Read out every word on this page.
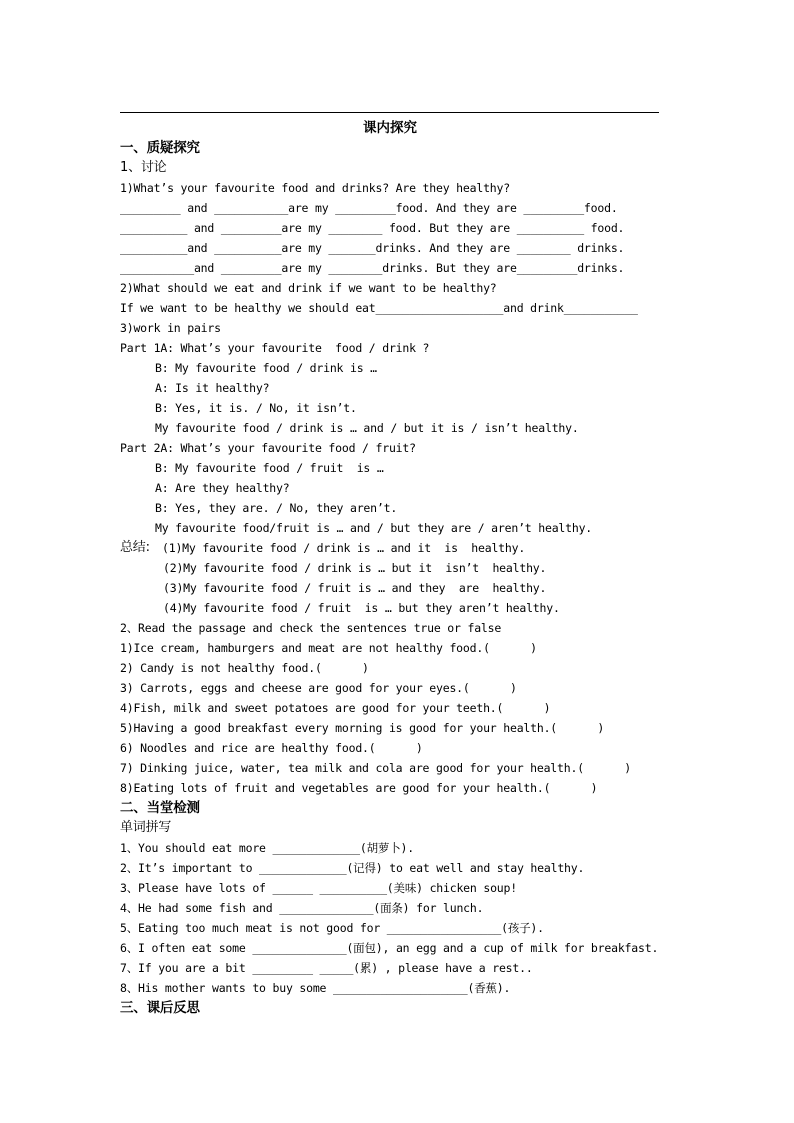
课内探究
一、质疑探究
1、讨论
1)What’s your favourite food and drinks? Are they healthy?
_________ and ___________are my _________food. And they are _________food.
__________ and _________are my ________ food. But they are __________ food.
__________and __________are my _______drinks. And they are ________ drinks.
___________and _________are my ________drinks. But they are_________drinks.
2)What should we eat and drink if we want to be healthy?
If we want to be healthy we should eat___________________and drink___________
3)work in pairs
Part 1A: What’s your favourite  food / drink ?
B: My favourite food / drink is …
A: Is it healthy?
B: Yes, it is. / No, it isn’t.
My favourite food / drink is … and / but it is / isn’t healthy.
Part 2A: What’s your favourite food / fruit?
B: My favourite food / fruit  is …
A: Are they healthy?
B: Yes, they are. / No, they aren’t.
My favourite food/fruit is … and / but they are / aren’t healthy.
总结: (1)My favourite food / drink is … and it  is  healthy.
(2)My favourite food / drink is … but it  isn’t  healthy.
(3)My favourite food / fruit is … and they  are  healthy.
(4)My favourite food / fruit  is … but they aren’t healthy.
2、Read the passage and check the sentences true or false
1)Ice cream, hamburgers and meat are not healthy food.(      )
2) Candy is not healthy food.(      )
3) Carrots, eggs and cheese are good for your eyes.(      )
4)Fish, milk and sweet potatoes are good for your teeth.(      )
5)Having a good breakfast every morning is good for your health.(      )
6) Noodles and rice are healthy food.(      )
7) Dinking juice, water, tea milk and cola are good for your health.(      )
8)Eating lots of fruit and vegetables are good for your health.(      )
二、当堂检测
单词拼写
1、You should eat more _____________(胡萝卜).
2、It’s important to _____________(记得) to eat well and stay healthy.
3、Please have lots of ______ __________(美味) chicken soup!
4、He had some fish and ______________(面条) for lunch.
5、Eating too much meat is not good for _________________(孩子).
6、I often eat some ______________(面包), an egg and a cup of milk for breakfast.
7、If you are a bit _________ _____(累) , please have a rest..
8、His mother wants to buy some ____________________(香蕉).
三、课后反思
